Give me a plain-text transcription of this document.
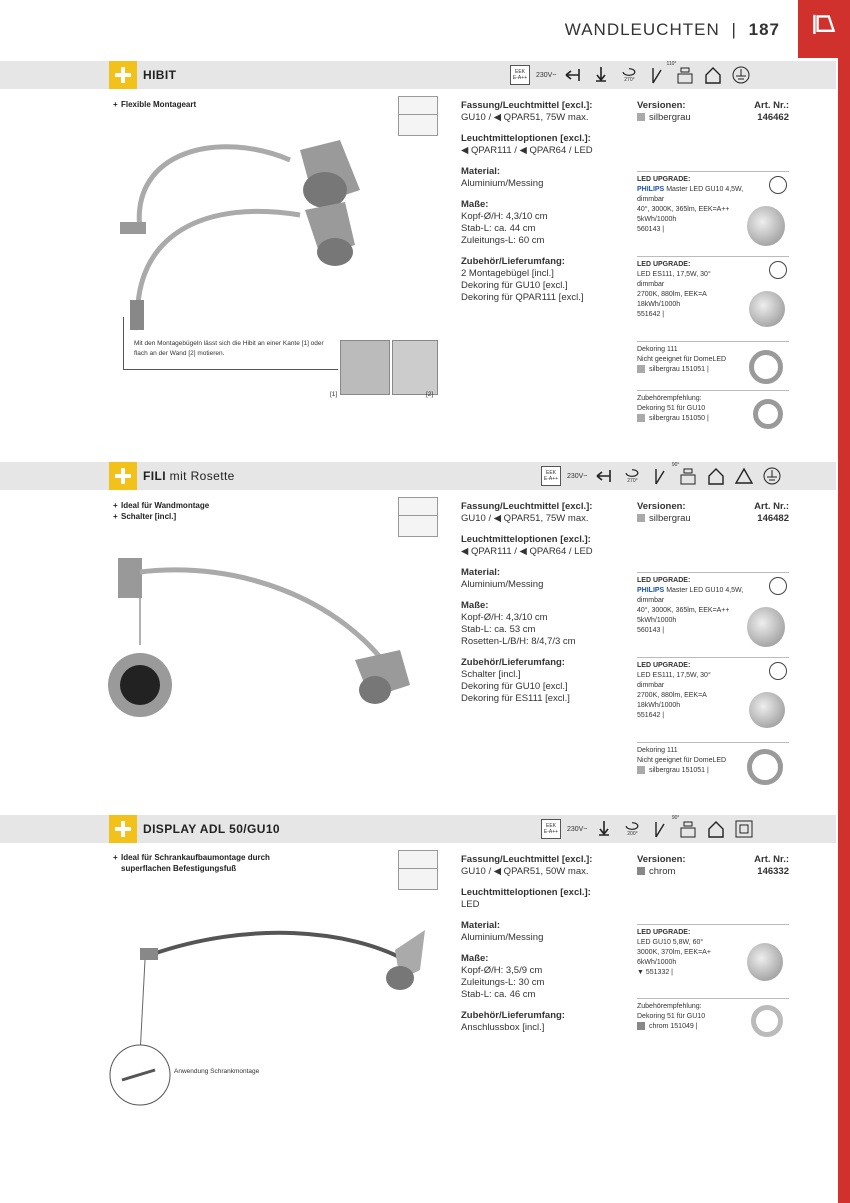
WANDLEUCHTEN | 187
HIBIT	EEK
E-A++	230V~
270°
110°
+ Flexible Montageart
Mit den Montagebügeln lässt sich die Hibit an einer Kante [1] oder flach an der Wand [2] motieren.
[1]	[2]
Fassung/Leuchtmittel [excl.]:
GU10 / ◀ QPAR51, 75W max.
Leuchtmitteloptionen [excl.]:
◀ QPAR111 / ◀ QPAR64 / LED
Material:
Aluminium/Messing
Maße:
Kopf-Ø/H: 4,3/10 cm
Stab-L: ca. 44 cm
Zuleitungs-L: 60 cm
Zubehör/Lieferumfang:
2 Montagebügel [incl.]
Dekoring für GU10 [excl.]
Dekoring für QPAR111 [excl.]
Versionen:	Art. Nr.:
silbergrau	146462
LED UPGRADE:
PHILIPS Master LED GU10 4,5W,
dimmbar
40°, 3000K, 365lm, EEK=A++
5kWh/1000h
560143 |
LED UPGRADE:
LED ES111, 17,5W, 30°
dimmbar
2700K, 880lm, EEK=A
18kWh/1000h
551642 |
Dekoring 111
Nicht geeignet für DomeLED
silbergrau 151051 |
Zubehörempfehlung:
Dekoring 51 für GU10
silbergrau 151050 |
FILI mit Rosette	EEK
E-A++	230V~
270°
90°
+ Ideal für Wandmontage
+ Schalter [incl.]
Fassung/Leuchtmittel [excl.]:
GU10 / ◀ QPAR51, 75W max.
Leuchtmitteloptionen [excl.]:
◀ QPAR111 / ◀ QPAR64 / LED
Material:
Aluminium/Messing
Maße:
Kopf-Ø/H: 4,3/10 cm
Stab-L: ca. 53 cm
Rosetten-L/B/H: 8/4,7/3 cm
Zubehör/Lieferumfang:
Schalter [incl.]
Dekoring für GU10 [excl.]
Dekoring für ES111 [excl.]
Versionen:	Art. Nr.:
silbergrau	146482
LED UPGRADE:
PHILIPS Master LED GU10 4,5W,
dimmbar
40°, 3000K, 365lm, EEK=A++
5kWh/1000h
560143 |
LED UPGRADE:
LED ES111, 17,5W, 30°
dimmbar
2700K, 880lm, EEK=A
18kWh/1000h
551642 |
Dekoring 111
Nicht geeignet für DomeLED
silbergrau 151051 |
DISPLAY ADL 50/GU10	EEK
E-A++	230V~
200°
90°
+ Ideal für Schrankaufbaumontage durch
superflachen Befestigungsfuß
Anwendung Schrankmontage
Fassung/Leuchtmittel [excl.]:
GU10 / ◀ QPAR51, 50W max.
Leuchtmitteloptionen [excl.]:
LED
Material:
Aluminium/Messing
Maße:
Kopf-Ø/H: 3,5/9 cm
Zuleitungs-L: 30 cm
Stab-L: ca. 46 cm
Zubehör/Lieferumfang:
Anschlussbox [incl.]
Versionen:	Art. Nr.:
chrom	146332
LED UPGRADE:
LED GU10 5,8W, 60°
3000K, 370lm, EEK=A+
6kWh/1000h
▼ 551332 |
Zubehörempfehlung:
Dekoring 51 für GU10
chrom 151049 |
